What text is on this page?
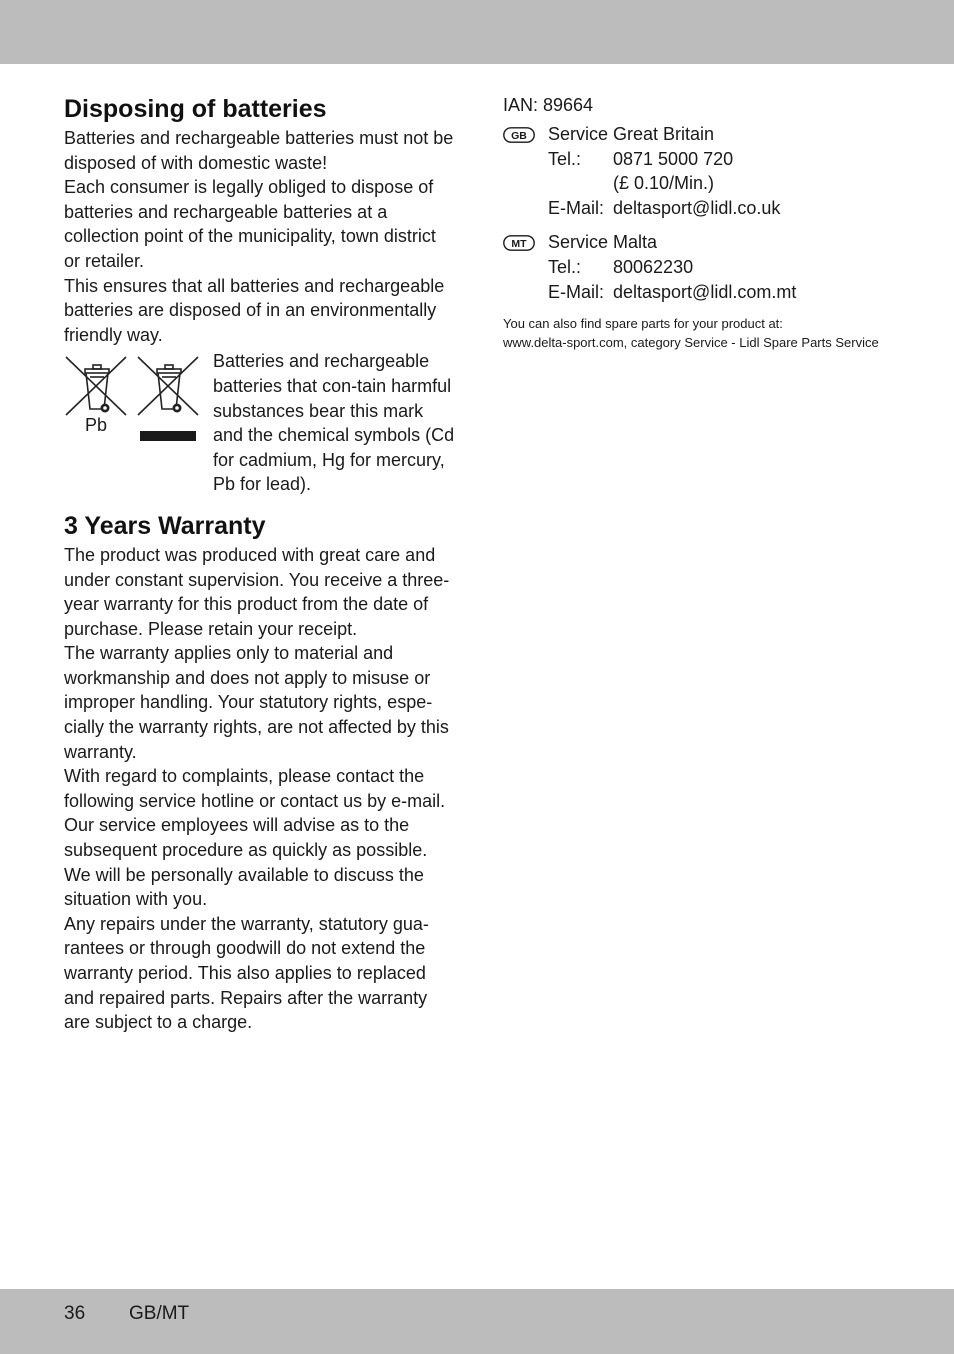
Disposing of batteries

Batteries and rechargeable batteries must not be disposed of with domestic waste!

Each consumer is legally obliged to dispose of batteries and rechargeable batteries at a collection point of the municipality, town district or retailer.

This ensures that all batteries and rechargeable batteries are disposed of in an environmentally friendly way.

Pb

Batteries and rechargeable batteries that con-tain harmful substances bear this mark and the chemical symbols (Cd for cadmium, Hg for mercury, Pb for lead).

3 Years Warranty

The product was produced with great care and under constant supervision. You receive a three-year warranty for this product from the date of purchase. Please retain your receipt.

The warranty applies only to material and workmanship and does not apply to misuse or improper handling. Your statutory rights, espe-cially the warranty rights, are not affected by this warranty.

With regard to complaints, please contact the following service hotline or contact us by e-mail. Our service employees will advise as to the subsequent procedure as quickly as possible. We will be personally available to discuss the situation with you.

Any repairs under the warranty, statutory gua-rantees or through goodwill do not extend the warranty period. This also applies to replaced and repaired parts. Repairs after the warranty are subject to a charge.

IAN: 89664
GB Service Great Britain
Tel.: 0871 5000 720
(£ 0.10/Min.)
E-Mail: deltasport@lidl.co.uk
MT Service Malta
Tel.: 80062230
E-Mail: deltasport@lidl.com.mt
You can also find spare parts for your product at:
www.delta-sport.com, category Service - Lidl Spare Parts Service
36 GB/MT
